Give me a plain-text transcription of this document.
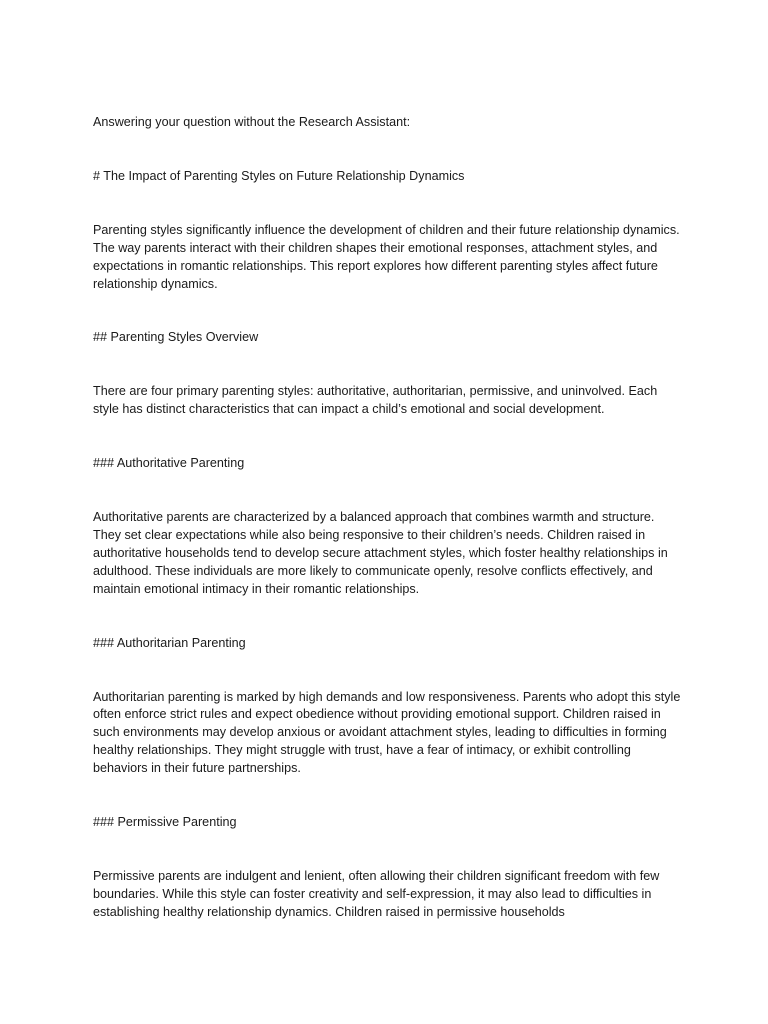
Answering your question without the Research Assistant:

# The Impact of Parenting Styles on Future Relationship Dynamics

Parenting styles significantly influence the development of children and their future relationship dynamics. The way parents interact with their children shapes their emotional responses, attachment styles, and expectations in romantic relationships. This report explores how different parenting styles affect future relationship dynamics.

## Parenting Styles Overview

There are four primary parenting styles: authoritative, authoritarian, permissive, and uninvolved. Each style has distinct characteristics that can impact a child’s emotional and social development.

### Authoritative Parenting

Authoritative parents are characterized by a balanced approach that combines warmth and structure. They set clear expectations while also being responsive to their children’s needs. Children raised in authoritative households tend to develop secure attachment styles, which foster healthy relationships in adulthood. These individuals are more likely to communicate openly, resolve conflicts effectively, and maintain emotional intimacy in their romantic relationships.

### Authoritarian Parenting

Authoritarian parenting is marked by high demands and low responsiveness. Parents who adopt this style often enforce strict rules and expect obedience without providing emotional support. Children raised in such environments may develop anxious or avoidant attachment styles, leading to difficulties in forming healthy relationships. They might struggle with trust, have a fear of intimacy, or exhibit controlling behaviors in their future partnerships.

### Permissive Parenting

Permissive parents are indulgent and lenient, often allowing their children significant freedom with few boundaries. While this style can foster creativity and self-expression, it may also lead to difficulties in establishing healthy relationship dynamics. Children raised in permissive households
